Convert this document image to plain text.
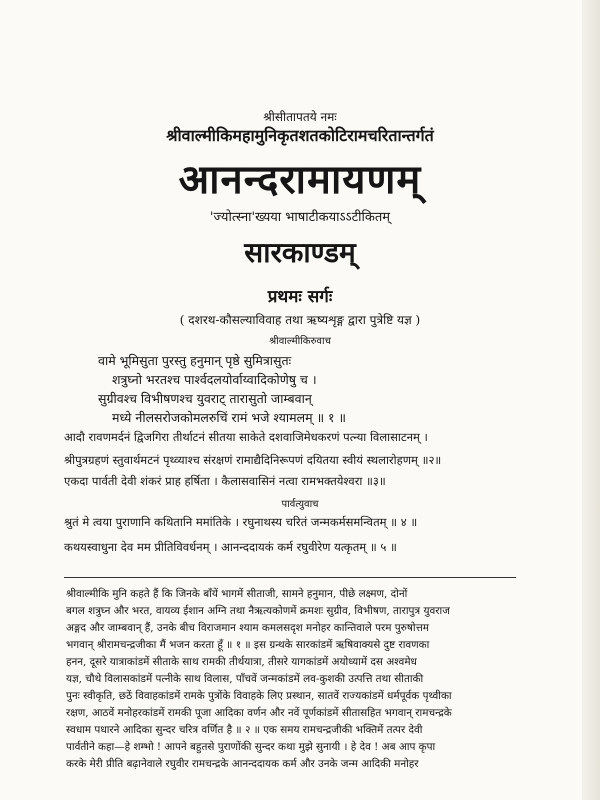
श्रीसीतापतये नमः
श्रीवाल्मीकिमहामुनिकृतशतकोटिरामचरितान्तर्गतं
आनन्दरामायणम्
'ज्योत्स्ना'ख्यया भाषाटीकयाऽऽटीकितम्
सारकाण्डम्
प्रथमः सर्गः
( दशरथ-कौसल्याविवाह तथा ऋष्यशृङ्ग द्वारा पुत्रेष्टि यज्ञ )
श्रीवाल्मीकिरुवाच
वामे भूमिसुता पुरस्तु हनुमान् पृष्ठे सुमित्रासुतः
शत्रुघ्नो भरतश्च पार्श्वदलयोर्वाय्वादिकोणेषु च ।
सुग्रीवश्च विभीषणश्च युवराट् तारासुतो जाम्बवान्
मध्ये नीलसरोजकोमलरुचिं रामं भजे श्यामलम् ॥ १ ॥
आदौ रावणमर्दनं द्विजगिरा तीर्थाटनं सीतया साकेते दशवाजिमेधकरणं पत्न्या विलासाटनम् ।
श्रीपुत्रग्रहणं स्तुवार्थमटनं पृथ्व्याश्च संरक्षणं रामाद्यैदिनिरूपणं दयितया स्वीयं स्थलारोहणम् ॥२॥
एकदा पार्वती देवी शंकरं प्राह हर्षिता । कैलासवासिनं नत्वा रामभक्तयेश्वरा ॥३॥
पार्वत्युवाच
श्रुतं मे त्वया पुराणानि कथितानि ममांतिके । रघुनाथस्य चरितं जन्मकर्मसमन्वितम् ॥ ४ ॥
कथयस्वाधुना देव मम प्रीतिविवर्धनम् । आनन्ददायकं कर्म रघुवीरेण यत्कृतम् ॥ ५ ॥
श्रीवाल्मीकि मुनि कहते हैं कि जिनके बाँयें भागमें सीताजी, सामने हनुमान, पीछे लक्ष्मण, दोनों
बगल शत्रुघ्न और भरत, वायव्य ईशान अग्नि तथा नैऋत्यकोणमें क्रमशः सुग्रीव, विभीषण, तारापुत्र युवराज
अङ्गद और जाम्बवान् हैं, उनके बीच विराजमान श्याम कमलसदृश मनोहर कान्तिवाले परम पुरुषोत्तम
भगवान् श्रीरामचन्द्रजीका मैं भजन करता हूँ ॥ १ ॥ इस ग्रन्थके सारकांडमें ऋषिवाक्यसे दुष्ट रावणका
हनन, दूसरे यात्राकांडमें सीताके साथ रामकी तीर्थयात्रा, तीसरे यागकांडमें अयोध्यामें दस अश्वमेध
यज्ञ, चौथे विलासकांडमें पत्नीके साथ विलास, पाँचवें जन्मकांडमें लव-कुशकी उत्पत्ति तथा सीताकी
पुनः स्वीकृति, छठें विवाहकांडमें रामके पुत्रोंके विवाहके लिए प्रस्थान, सातवें राज्यकांडमें धर्मपूर्वक पृथ्वीका
रक्षण, आठवें मनोहरकांडमें रामकी पूजा आदिका वर्णन और नवें पूर्णकांडमें सीतासहित भगवान् रामचन्द्रके
स्वधाम पधारने आदिका सुन्दर चरित्र वर्णित है ॥ २ ॥ एक समय रामचन्द्रजीकी भक्तिमें तत्पर देवी
पार्वतीने कहा—हे शम्भो ! आपने बहुतसे पुराणोंकी सुन्दर कथा मुझे सुनायी । हे देव ! अब आप कृपा
करके मेरी प्रीति बढ़ानेवाले रघुवीर रामचन्द्रके आनन्ददायक कर्म और उनके जन्म आदिकी मनोहर
